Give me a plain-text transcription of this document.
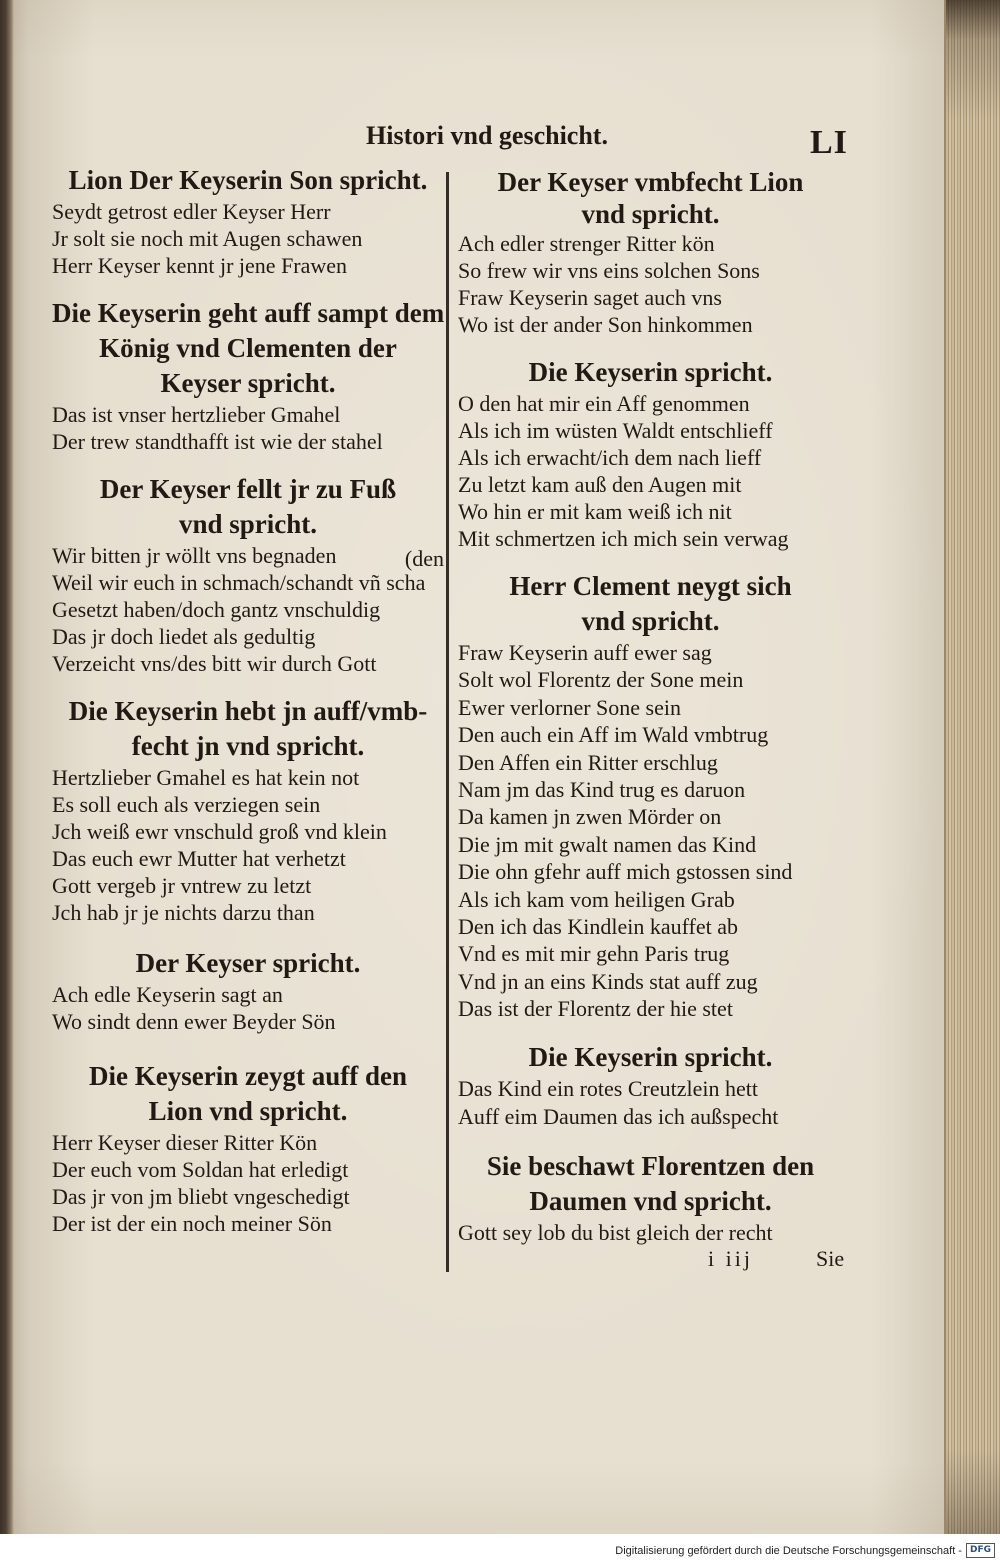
Histori vnd geschicht.	LI
Lion Der Keyserin Son spricht.
Seydt getrost edler Keyser Herr
Jr solt sie noch mit Augen schawen
Herr Keyser kennt jr jene Frawen
Die Keyserin geht auff sampt dem
König vnd Clementen der
Keyser spricht.
Das ist vnser hertzlieber Gmahel
Der trew standthafft ist wie der stahel
Der Keyser fellt jr zu Fuß
vnd spricht.
Wir bitten jr wöllt vns begnaden	(den
Weil wir euch in schmach/schandt vñ scha
Gesetzt haben/doch gantz vnschuldig
Das jr doch liedet als gedultig
Verzeicht vns/des bitt wir durch Gott
Die Keyserin hebt jn auff/vmb-
fecht jn vnd spricht.
Hertzlieber Gmahel es hat kein not
Es soll euch als verziegen sein
Jch weiß ewr vnschuld groß vnd klein
Das euch ewr Mutter hat verhetzt
Gott vergeb jr vntrew zu letzt
Jch hab jr je nichts darzu than
Der Keyser spricht.
Ach edle Keyserin sagt an
Wo sindt denn ewer Beyder Sön
Die Keyserin zeygt auff den
Lion vnd spricht.
Herr Keyser dieser Ritter Kön
Der euch vom Soldan hat erledigt
Das jr von jm bliebt vngeschedigt
Der ist der ein noch meiner Sön
Der Keyser vmbfecht Lion
vnd spricht.
Ach edler strenger Ritter kön
So frew wir vns eins solchen Sons
Fraw Keyserin saget auch vns
Wo ist der ander Son hinkommen
Die Keyserin spricht.
O den hat mir ein Aff genommen
Als ich im wüsten Waldt entschlieff
Als ich erwacht/ich dem nach lieff
Zu letzt kam auß den Augen mit
Wo hin er mit kam weiß ich nit
Mit schmertzen ich mich sein verwag
Herr Clement neygt sich
vnd spricht.
Fraw Keyserin auff ewer sag
Solt wol Florentz der Sone mein
Ewer verlorner Sone sein
Den auch ein Aff im Wald vmbtrug
Den Affen ein Ritter erschlug
Nam jm das Kind trug es daruon
Da kamen jn zwen Mörder on
Die jm mit gwalt namen das Kind
Die ohn gfehr auff mich gstossen sind
Als ich kam vom heiligen Grab
Den ich das Kindlein kauffet ab
Vnd es mit mir gehn Paris trug
Vnd jn an eins Kinds stat auff zug
Das ist der Florentz der hie stet
Die Keyserin spricht.
Das Kind ein rotes Creutzlein hett
Auff eim Daumen das ich außspecht
Sie beschawt Florentzen den
Daumen vnd spricht.
Gott sey lob du bist gleich der recht
i iij	Sie
Digitalisierung gefördert durch die Deutsche Forschungsgemeinschaft - DFG
